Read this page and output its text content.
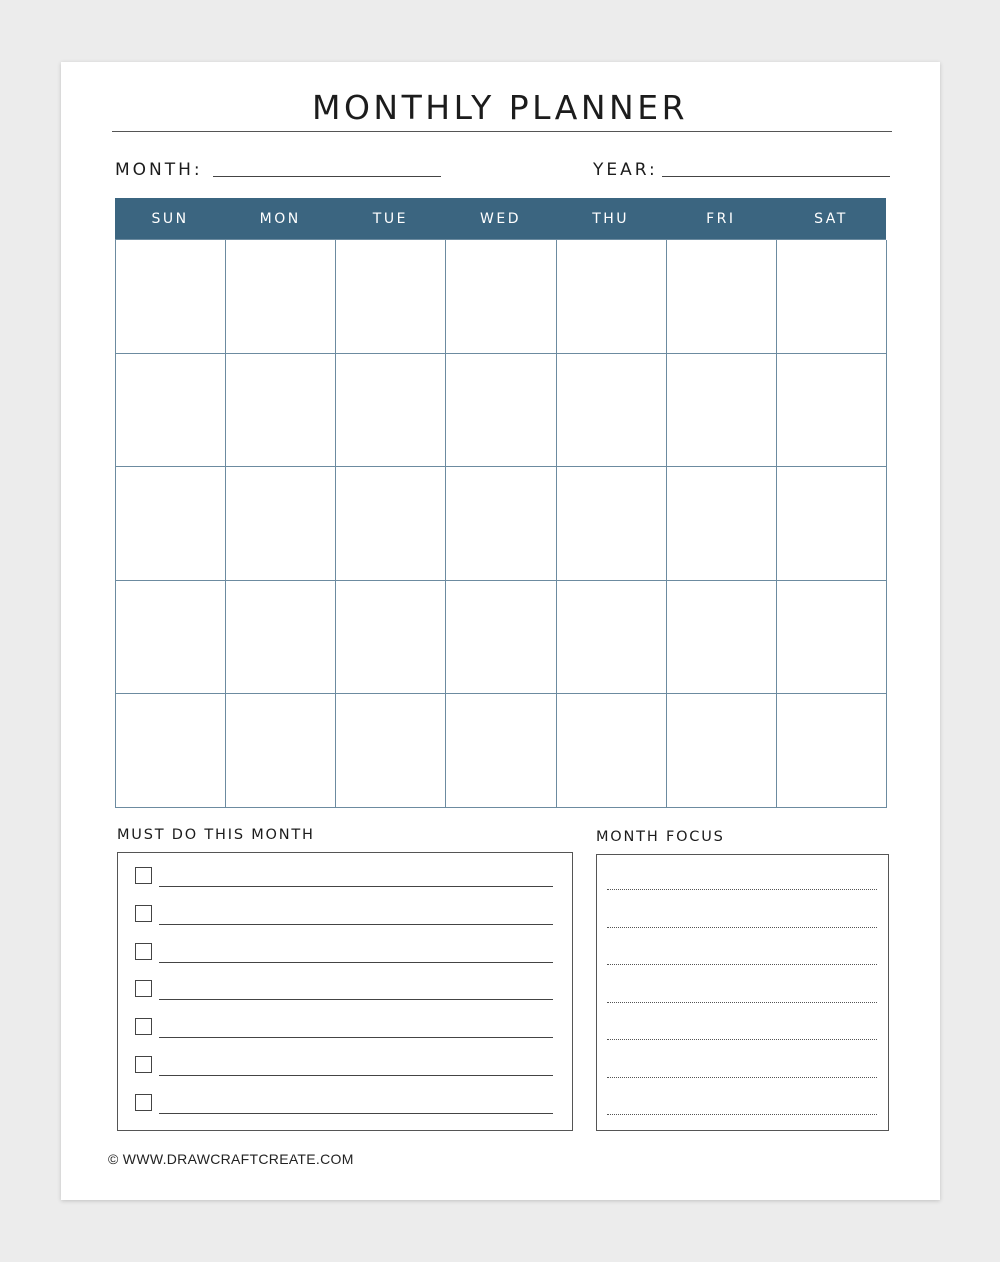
MONTHLY PLANNER
MONTH:	YEAR:
SUN	MON	TUE	WED	THU	FRI	SAT
MUST DO THIS MONTH	MONTH FOCUS
© WWW.DRAWCRAFTCREATE.COM
